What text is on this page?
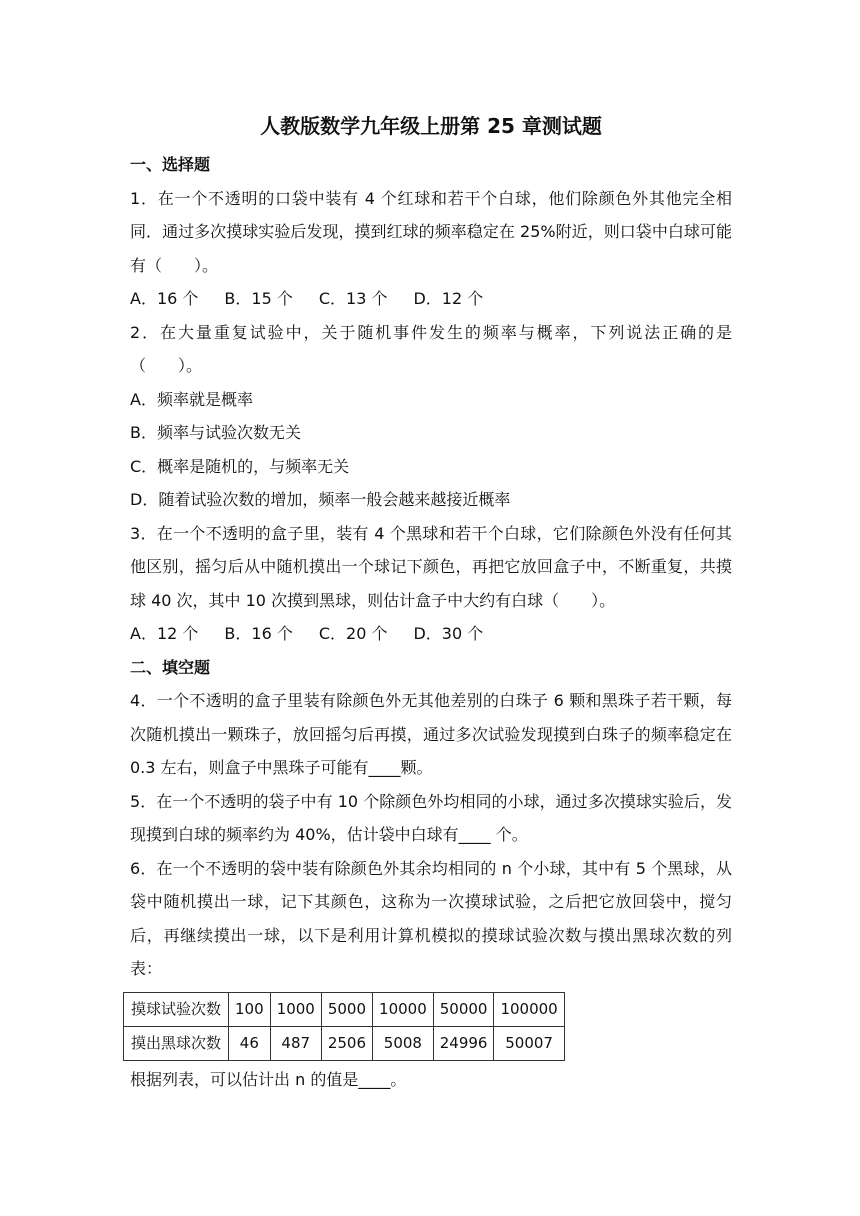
人教版数学九年级上册第 25 章测试题

一、选择题

1．在一个不透明的口袋中装有 4 个红球和若干个白球，他们除颜色外其他完全相同．通过多次摸球实验后发现，摸到红球的频率稳定在 25%附近，则口袋中白球可能有（　　）。

A．16 个 B．15 个 C．13 个 D．12 个

2．在大量重复试验中，关于随机事件发生的频率与概率，下列说法正确的是（　　）。

A．频率就是概率

B．频率与试验次数无关

C．概率是随机的，与频率无关

D．随着试验次数的增加，频率一般会越来越接近概率

3．在一个不透明的盒子里，装有 4 个黑球和若干个白球，它们除颜色外没有任何其他区别，摇匀后从中随机摸出一个球记下颜色，再把它放回盒子中，不断重复，共摸球 40 次，其中 10 次摸到黑球，则估计盒子中大约有白球（　　）。

A．12 个 B．16 个 C．20 个 D．30 个

二、填空题

4．一个不透明的盒子里装有除颜色外无其他差别的白珠子 6 颗和黑珠子若干颗，每次随机摸出一颗珠子，放回摇匀后再摸，通过多次试验发现摸到白珠子的频率稳定在 0.3 左右，则盒子中黑珠子可能有____颗。

5．在一个不透明的袋子中有 10 个除颜色外均相同的小球，通过多次摸球实验后，发现摸到白球的频率约为 40%，估计袋中白球有____ 个。

6．在一个不透明的袋中装有除颜色外其余均相同的 n 个小球，其中有 5 个黑球，从袋中随机摸出一球，记下其颜色，这称为一次摸球试验，之后把它放回袋中，搅匀后，再继续摸出一球，以下是利用计算机模拟的摸球试验次数与摸出黑球次数的列表：

摸球试验次数	100	1000	5000	10000	50000	100000
摸出黑球次数	46	487	2506	5008	24996	50007

根据列表，可以估计出 n 的值是____。
